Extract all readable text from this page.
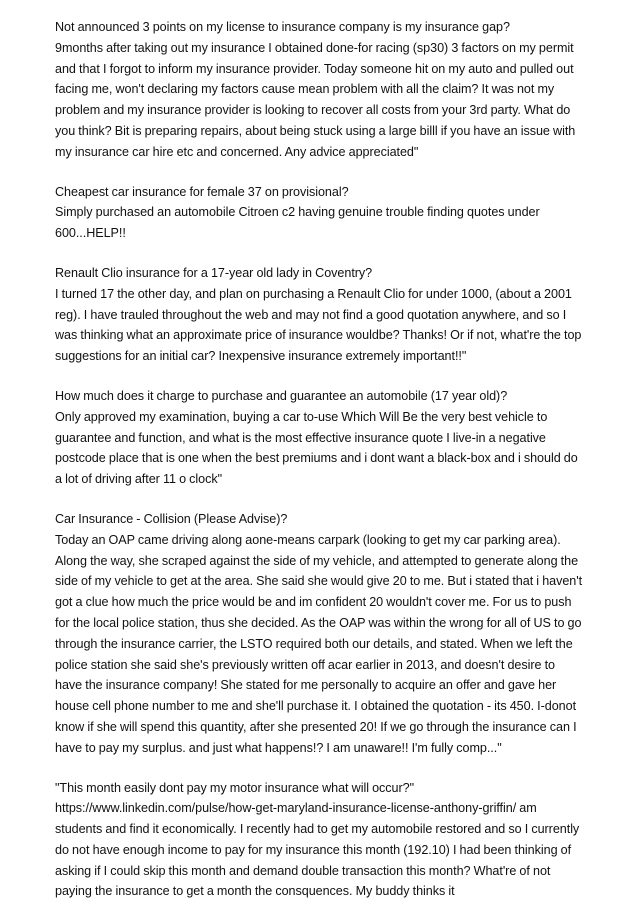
Not announced 3 points on my license to insurance company is my insurance gap?

9months after taking out my insurance I obtained done-for racing (sp30) 3 factors on my permit and that I forgot to inform my insurance provider. Today someone hit on my auto and pulled out facing me, won't declaring my factors cause mean problem with all the claim? It was not my problem and my insurance provider is looking to recover all costs from your 3rd party. What do you think? Bit is preparing repairs, about being stuck using a large billl if you have an issue with my insurance car hire etc and concerned. Any advice appreciated"

Cheapest car insurance for female 37 on provisional?

Simply purchased an automobile Citroen c2 having genuine trouble finding quotes under 600...HELP!!

Renault Clio insurance for a 17-year old lady in Coventry?

I turned 17 the other day, and plan on purchasing a Renault Clio for under 1000, (about a 2001 reg). I have trauled throughout the web and may not find a good quotation anywhere, and so I was thinking what an approximate price of insurance wouldbe? Thanks! Or if not, what're the top suggestions for an initial car? Inexpensive insurance extremely important!!"

How much does it charge to purchase and guarantee an automobile (17 year old)?

Only approved my examination, buying a car to-use Which Will Be the very best vehicle to guarantee and function, and what is the most effective insurance quote I live-in a negative postcode place that is one when the best premiums and i dont want a black-box and i should do a lot of driving after 11 o clock"

Car Insurance - Collision (Please Advise)?

Today an OAP came driving along aone-means carpark (looking to get my car parking area). Along the way, she scraped against the side of my vehicle, and attempted to generate along the side of my vehicle to get at the area. She said she would give 20 to me. But i stated that i haven't got a clue how much the price would be and im confident 20 wouldn't cover me. For us to push for the local police station, thus she decided. As the OAP was within the wrong for all of US to go through the insurance carrier, the LSTO required both our details, and stated. When we left the police station she said she's previously written off acar earlier in 2013, and doesn't desire to have the insurance company! She stated for me personally to acquire an offer and gave her house cell phone number to me and she'll purchase it. I obtained the quotation - its 450. I-donot know if she will spend this quantity, after she presented 20! If we go through the insurance can I have to pay my surplus. and just what happens!? I am unaware!! I'm fully comp..."

"This month easily dont pay my motor insurance what will occur?"

https://www.linkedin.com/pulse/how-get-maryland-insurance-license-anthony-griffin/ am students and find it economically. I recently had to get my automobile restored and so I currently do not have enough income to pay for my insurance this month (192.10) I had been thinking of asking if I could skip this month and demand double transaction this month? What're of not paying the insurance to get a month the consquences. My buddy thinks it
